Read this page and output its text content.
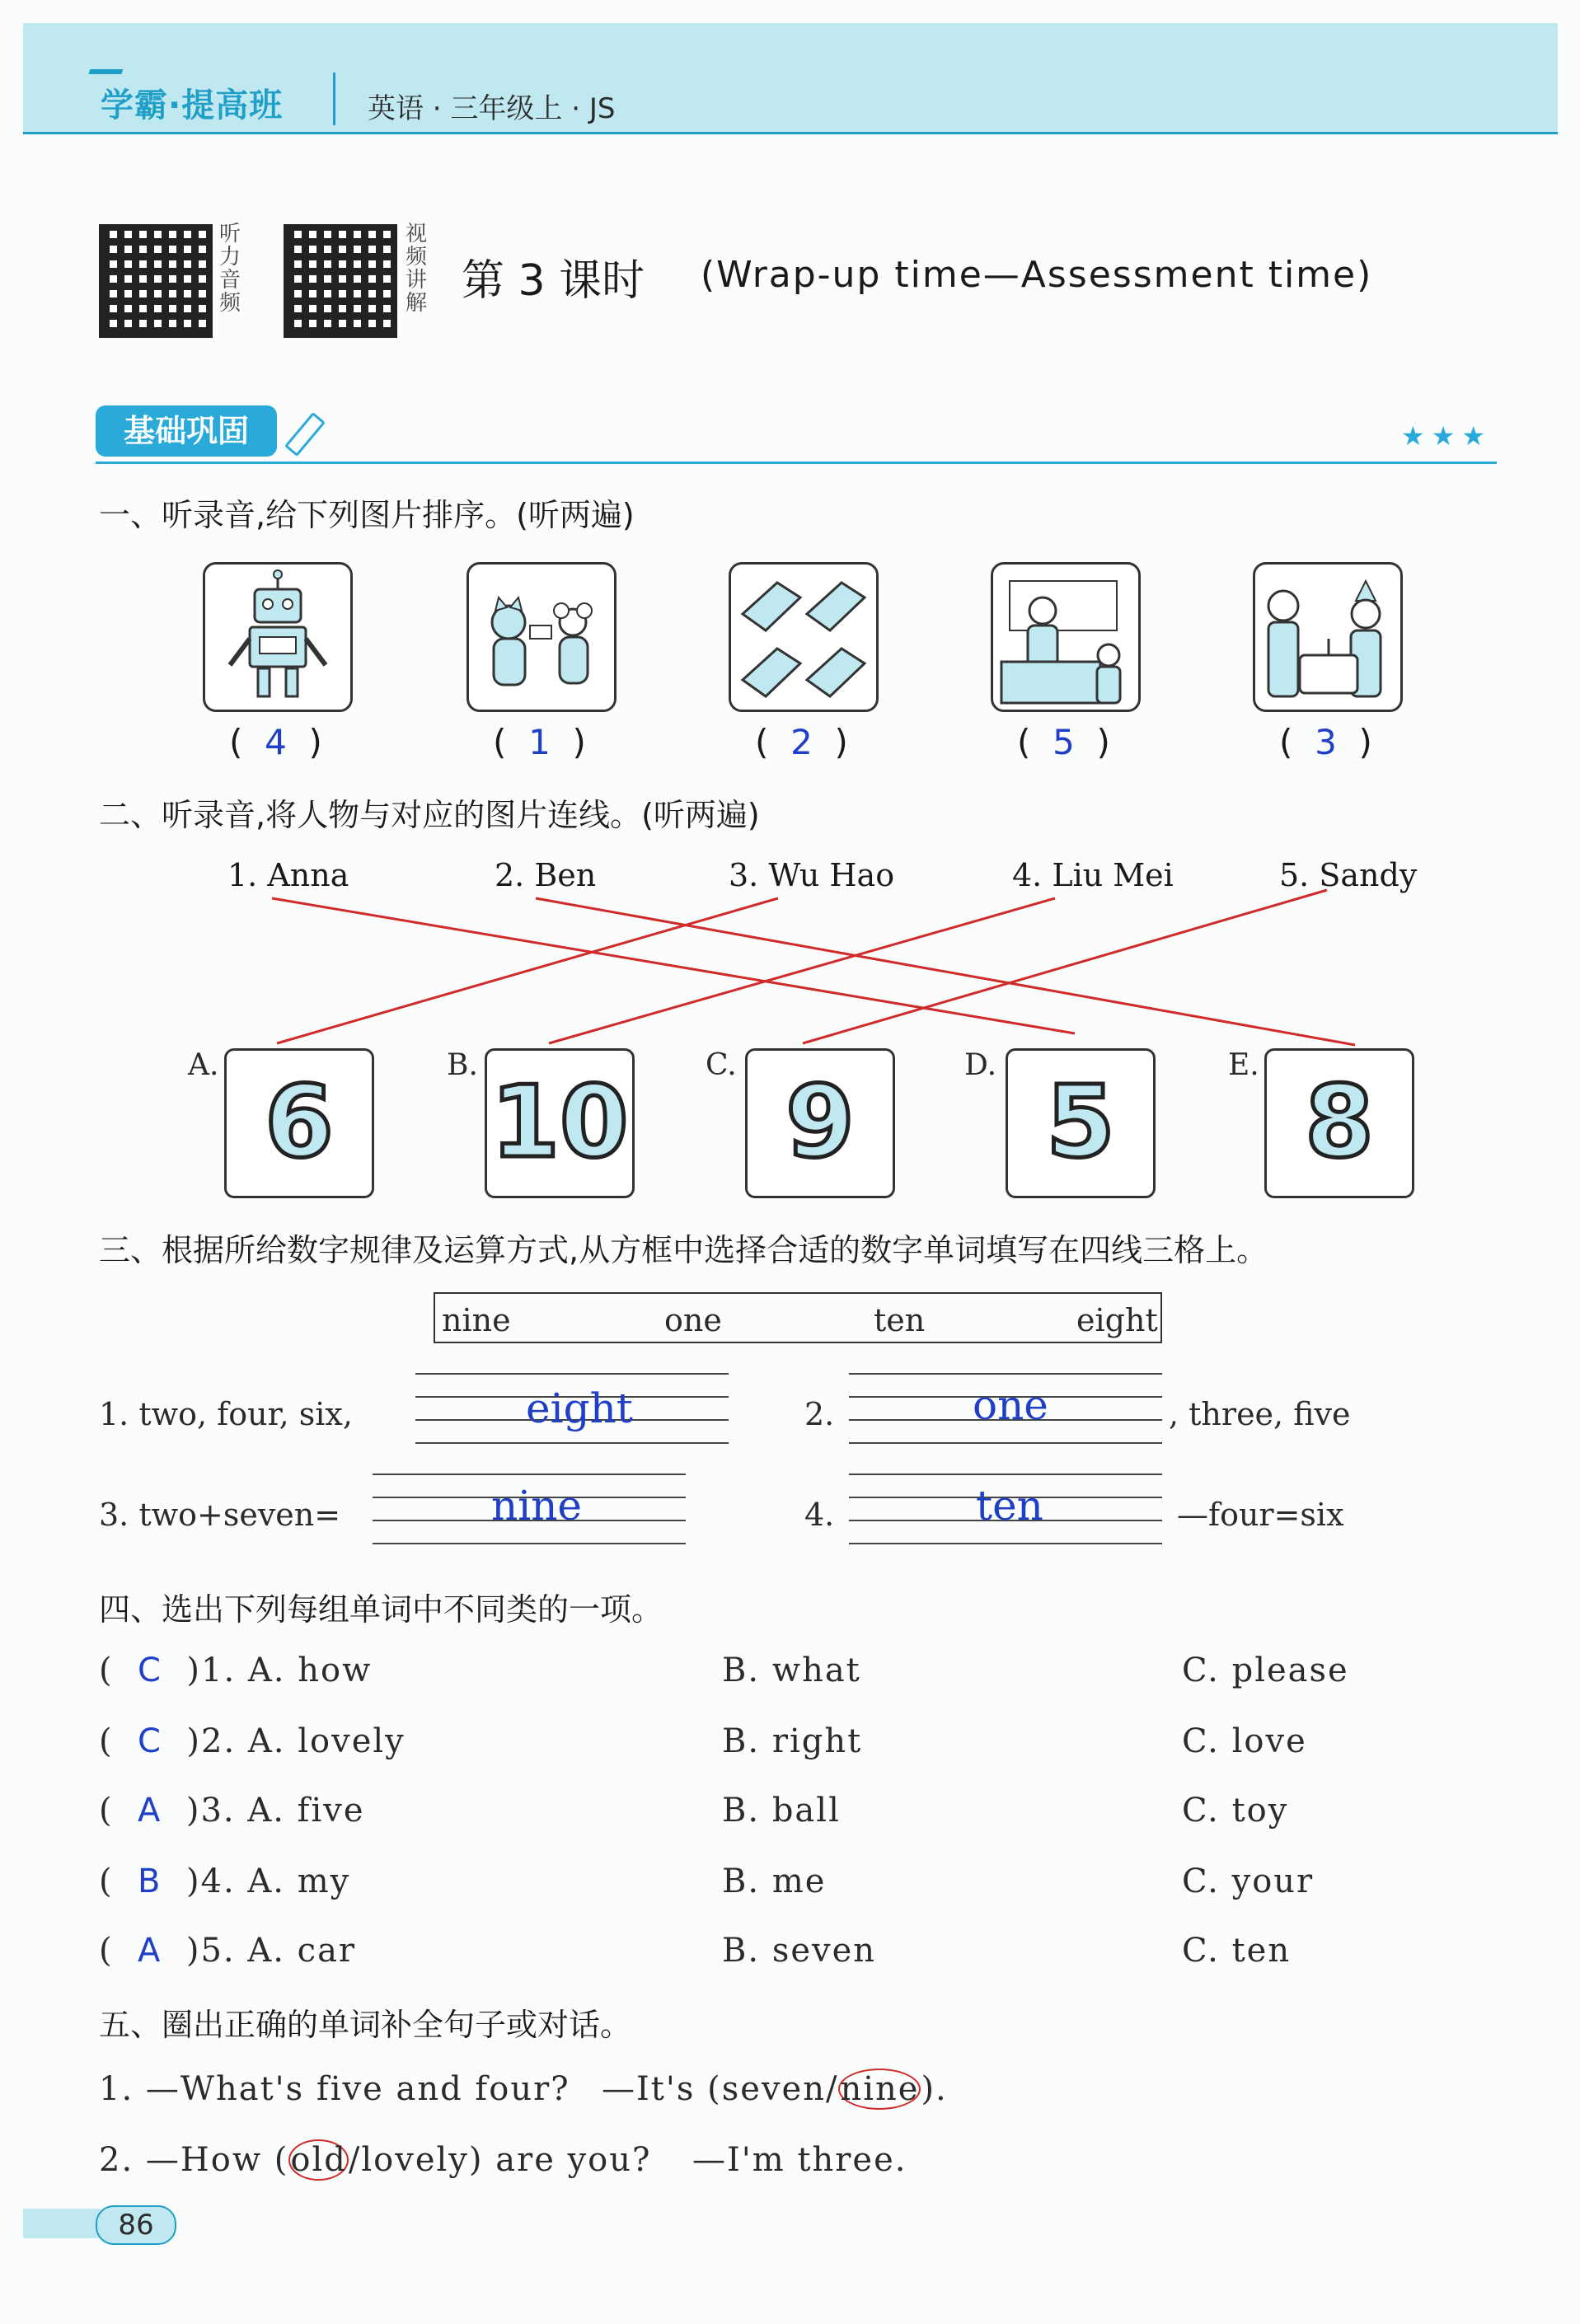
学霸·提高班	英语 · 三年级上 · JS
听力音频
视频讲解 第 3 课时 (Wrap-up time—Assessment time)
基础巩固	★★★
一、听录音,给下列图片排序。(听两遍)
(  4  )	(  1  )	(  2  )	(  5  )	(  3  )
二、听录音,将人物与对应的图片连线。(听两遍)
1. Anna	2. Ben	3. Wu Hao	4. Liu Mei	5. Sandy
A.
6
B.
10
C.
9
D.
5
E.
8
三、根据所给数字规律及运算方式,从方框中选择合适的数字单词填写在四线三格上。
nine	one	ten	eight
1. two, four, six,	eight	2.	one	, three, five
3. two+seven=	nine	4.	ten	—four=six
四、选出下列每组单词中不同类的一项。
(  C )1. A. how	B. what	C. please
(  C )2. A. lovely	B. right	C. love
(  A )3. A. five	B. ball	C. toy
(  B )4. A. my	B. me	C. your
(  A )5. A. car	B. seven	C. ten
五、圈出正确的单词补全句子或对话。
1. —What's five and four? —It's (seven/nine).
2. —How (old/lovely) are you? —I'm three.
86
